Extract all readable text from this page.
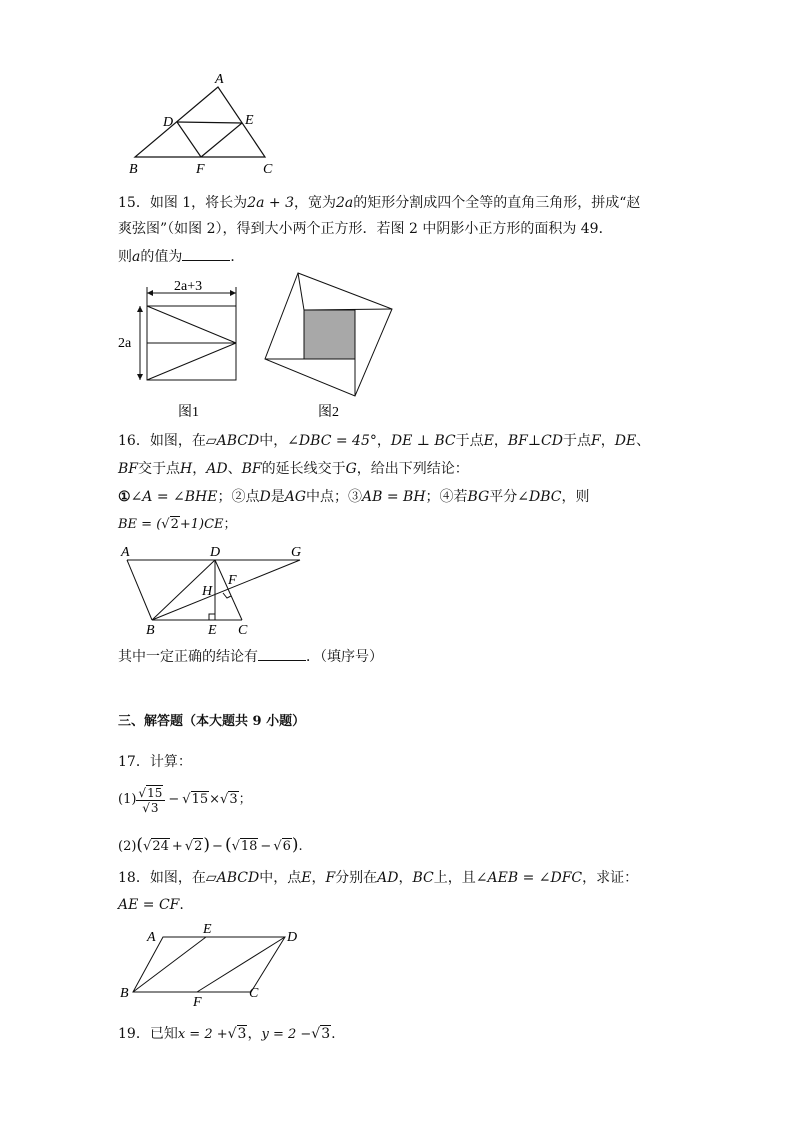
A
D	E
B	F	C
15．如图 1，将长为2a + 3，宽为2a的矩形分割成四个全等的直角三角形，拼成“赵
爽弦图”（如图 2），得到大小两个正方形．若图 2 中阴影小正方形的面积为 49．
则a的值为	．
2a+3
2a
图1	图2
16．如图，在▱ABCD中，∠DBC = 45°，DE ⊥ BC于点E，BF⊥CD于点F，DE、
BF交于点H，AD、BF的延长线交于G，给出下列结论：
①∠A = ∠BHE；②点D是AG中点；③AB = BH；④若BG平分∠DBC，则
BE = (√2+1)CE；
A	D	G
F
H
B	E C
其中一定正确的结论有	．（填序号）
三、解答题（本大题共 9 小题）
17．计算：
$(1) \frac{√15}{√3} - √15 \times √3$ ；
(2)(√24 + √2) − (√18 − √6).
18．如图，在▱ABCD中，点E，F分别在AD，BC上，且∠AEB = ∠DFC，求证：
AE = CF.
A
E
D
B
F
C
19．已知x = 2 +√3，y = 2 −√3.
